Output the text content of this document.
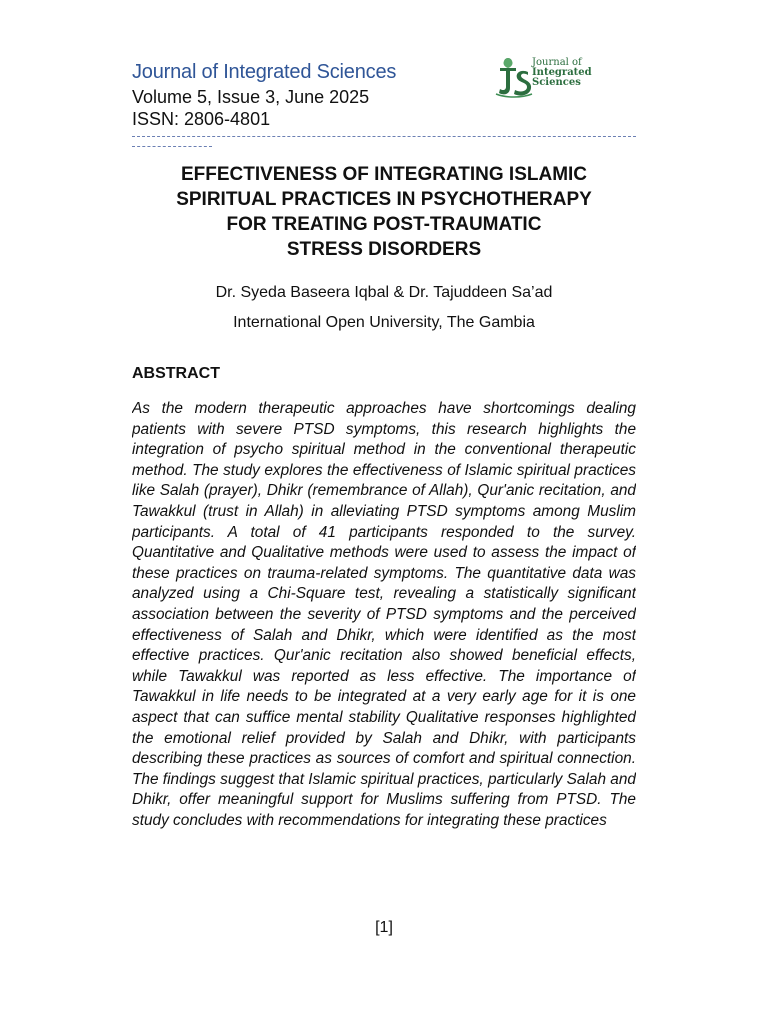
Journal of Integrated Sciences
Volume 5, Issue 3, June 2025
ISSN: 2806-4801
Journal of
Integrated
Sciences
EFFECTIVENESS OF INTEGRATING ISLAMIC
SPIRITUAL PRACTICES IN PSYCHOTHERAPY
FOR TREATING POST-TRAUMATIC
STRESS DISORDERS
Dr. Syeda Baseera Iqbal & Dr. Tajuddeen Sa’ad
International Open University, The Gambia
ABSTRACT

As the modern therapeutic approaches have shortcomings dealing patients with severe PTSD symptoms, this research highlights the integration of psycho spiritual method in the conventional therapeutic method. The study explores the effectiveness of Islamic spiritual practices like Salah (prayer), Dhikr (remembrance of Allah), Qur'anic recitation, and Tawakkul (trust in Allah) in alleviating PTSD symptoms among Muslim participants. A total of 41 participants responded to the survey. Quantitative and Qualitative methods were used to assess the impact of these practices on trauma-related symptoms. The quantitative data was analyzed using a Chi-Square test, revealing a statistically significant association between the severity of PTSD symptoms and the perceived effectiveness of Salah and Dhikr, which were identified as the most effective practices. Qur'anic recitation also showed beneficial effects, while Tawakkul was reported as less effective. The importance of Tawakkul in life needs to be integrated at a very early age for it is one aspect that can suffice mental stability Qualitative responses highlighted the emotional relief provided by Salah and Dhikr, with participants describing these practices as sources of comfort and spiritual connection. The findings suggest that Islamic spiritual practices, particularly Salah and Dhikr, offer meaningful support for Muslims suffering from PTSD. The study concludes with recommendations for integrating these practices

[1]
